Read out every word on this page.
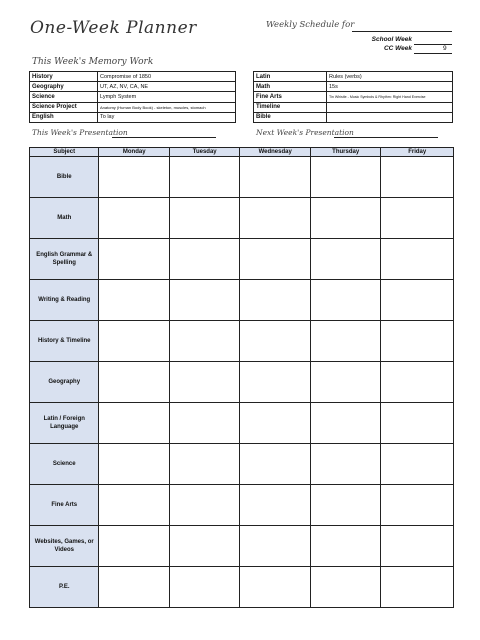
One-Week Planner	Weekly Schedule for
School Week
CC Week	9
This Week's Memory Work
History	Compromise of 1850
Geography	UT, AZ, NV, CA, NE
Science	Lymph System
Science Project	Anatomy (Human Body Book) - skeleton, muscles, stomach
English	To lay
Latin	Rules (verbs)
Math	15s
Fine Arts	Tin Whistle - Music Symbols & Rhythm: Right Hand Exercise
Timeline	
Bible	
This Week's Presentation	Next Week's Presentation
Subject	Monday	Tuesday	Wednesday	Thursday	Friday
Bible					
Math					
English Grammar & Spelling					
Writing & Reading					
History & Timeline					
Geography					
Latin / Foreign Language					
Science					
Fine Arts					
Websites, Games, or Videos					
P.E.					
